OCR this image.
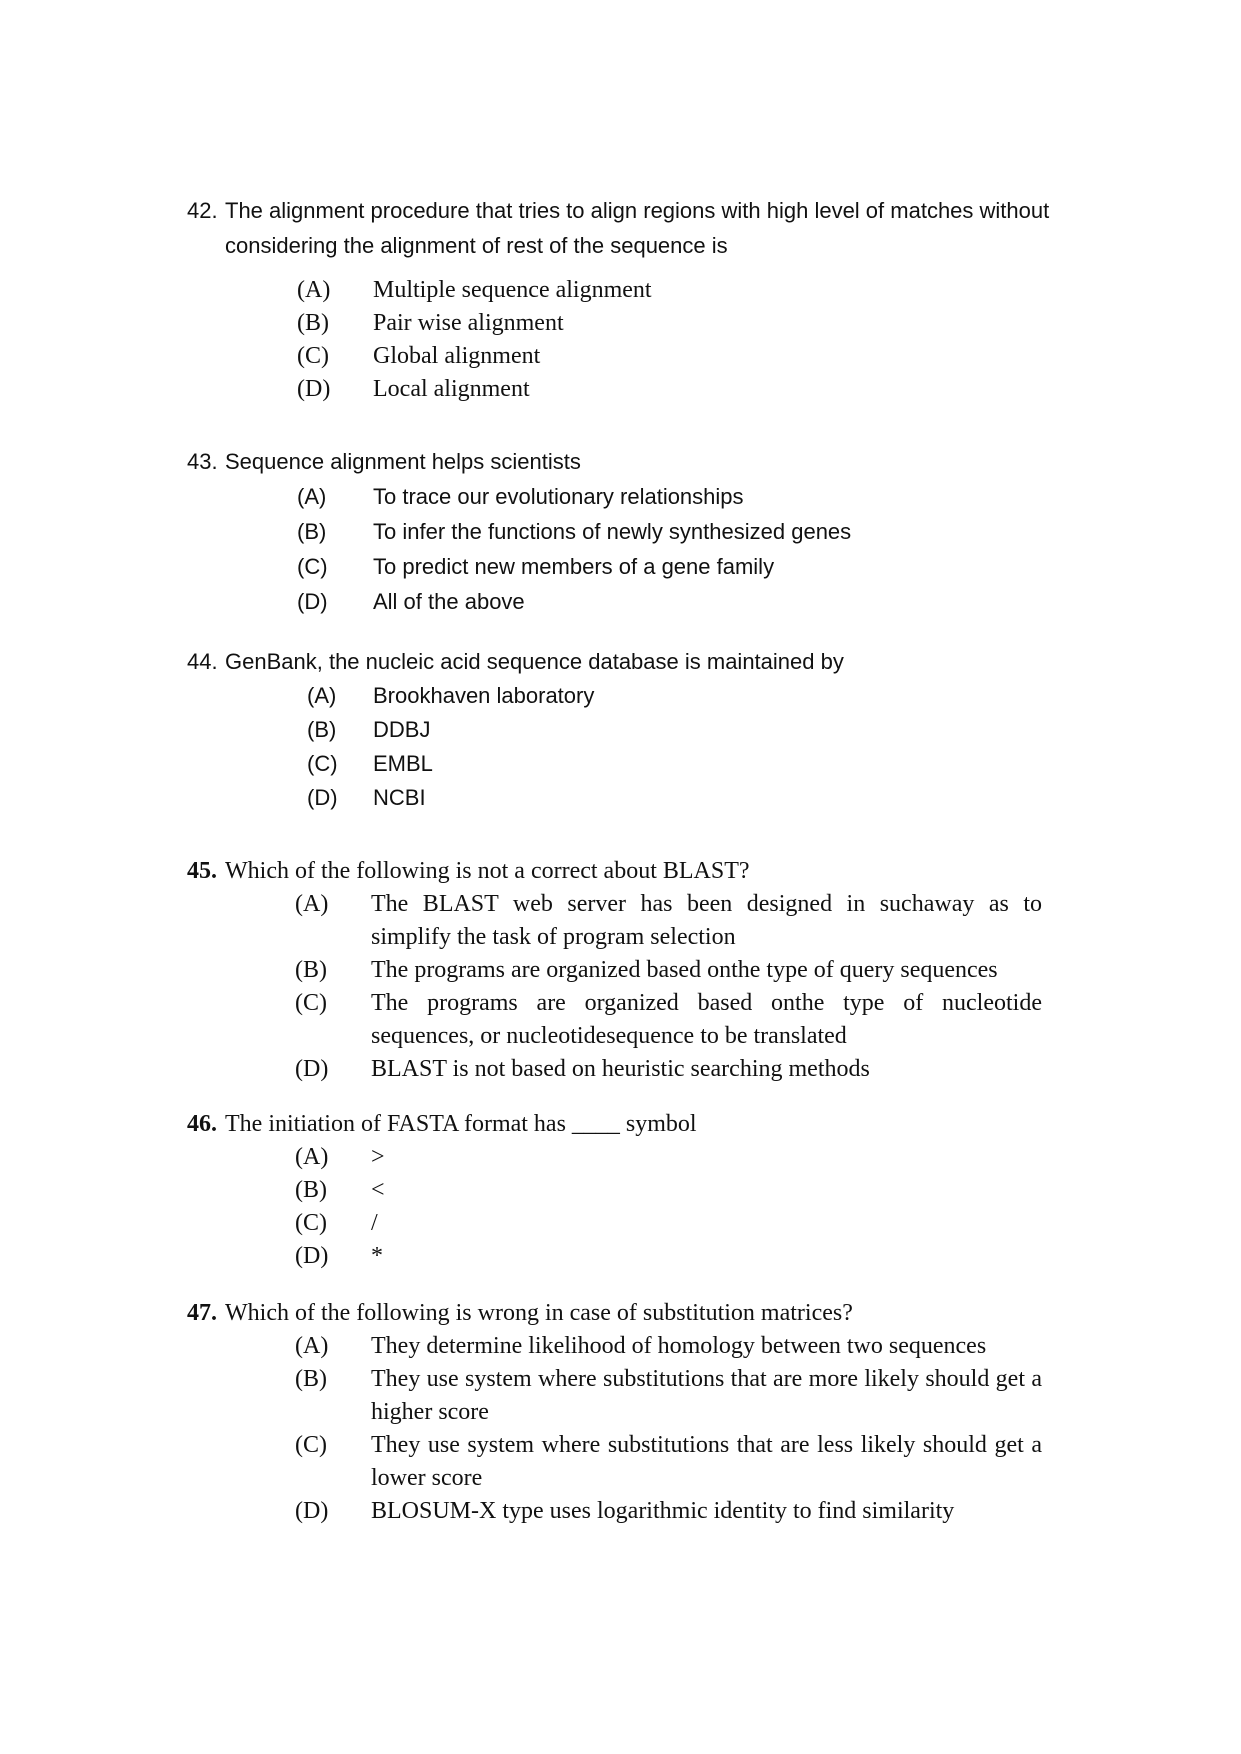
42. The alignment procedure that tries to align regions with high level of matches without considering the alignment of rest of the sequence is
(A) Multiple sequence alignment
(B) Pair wise alignment
(C) Global alignment
(D) Local alignment
43. Sequence alignment helps scientists
(A) To trace our evolutionary relationships
(B) To infer the functions of newly synthesized genes
(C) To predict new members of a gene family
(D) All of the above
44. GenBank, the nucleic acid sequence database is maintained by
(A) Brookhaven laboratory
(B) DDBJ
(C) EMBL
(D) NCBI
45. Which of the following is not a correct about BLAST?
(A) The BLAST web server has been designed in suchaway as to simplify the task of program selection
(B) The programs are organized based onthe type of query sequences
(C) The programs are organized based onthe type of nucleotide sequences, or nucleotidesequence to be translated
(D) BLAST is not based on heuristic searching methods
46. The initiation of FASTA format has ____ symbol
(A) >
(B) <
(C) /
(D) *
47. Which of the following is wrong in case of substitution matrices?
(A) They determine likelihood of homology between two sequences
(B) They use system where substitutions that are more likely should get a higher score
(C) They use system where substitutions that are less likely should get a lower score
(D) BLOSUM-X type uses logarithmic identity to find similarity
